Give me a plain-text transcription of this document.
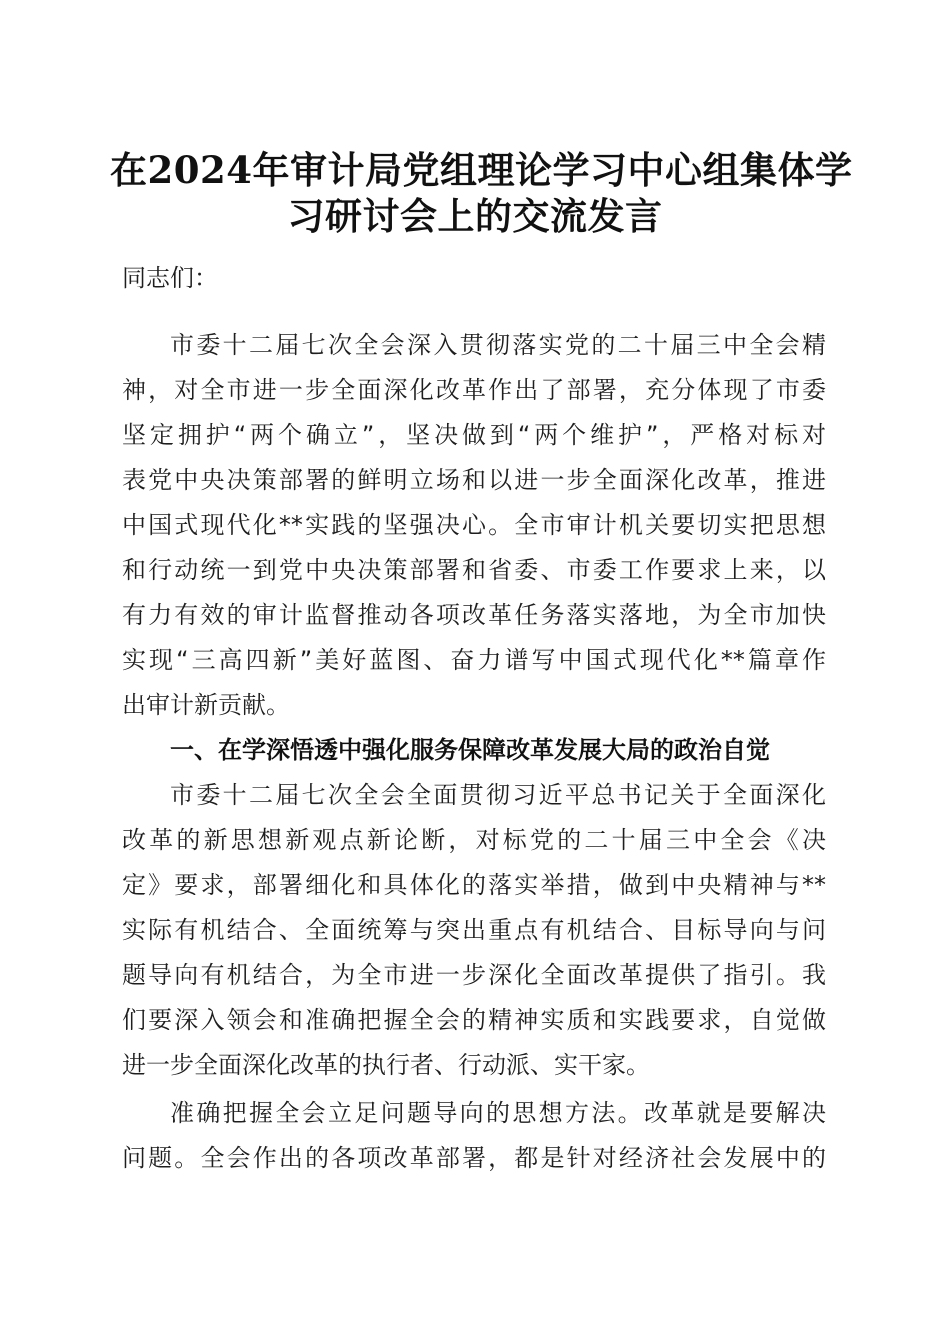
在2024年审计局党组理论学习中心组集体学
习研讨会上的交流发言
同志们：
市委十二届七次全会深入贯彻落实党的二十届三中全会精
神，对全市进一步全面深化改革作出了部署，充分体现了市委
坚定拥护“两个确立”，坚决做到“两个维护”，严格对标对
表党中央决策部署的鲜明立场和以进一步全面深化改革，推进
中国式现代化**实践的坚强决心。全市审计机关要切实把思想
和行动统一到党中央决策部署和省委、市委工作要求上来，以
有力有效的审计监督推动各项改革任务落实落地，为全市加快
实现“三高四新”美好蓝图、奋力谱写中国式现代化**篇章作
出审计新贡献。
一、在学深悟透中强化服务保障改革发展大局的政治自觉
市委十二届七次全会全面贯彻习近平总书记关于全面深化
改革的新思想新观点新论断，对标党的二十届三中全会《决
定》要求，部署细化和具体化的落实举措，做到中央精神与**
实际有机结合、全面统筹与突出重点有机结合、目标导向与问
题导向有机结合，为全市进一步深化全面改革提供了指引。我
们要深入领会和准确把握全会的精神实质和实践要求，自觉做
进一步全面深化改革的执行者、行动派、实干家。
准确把握全会立足问题导向的思想方法。改革就是要解决
问题。全会作出的各项改革部署，都是针对经济社会发展中的
